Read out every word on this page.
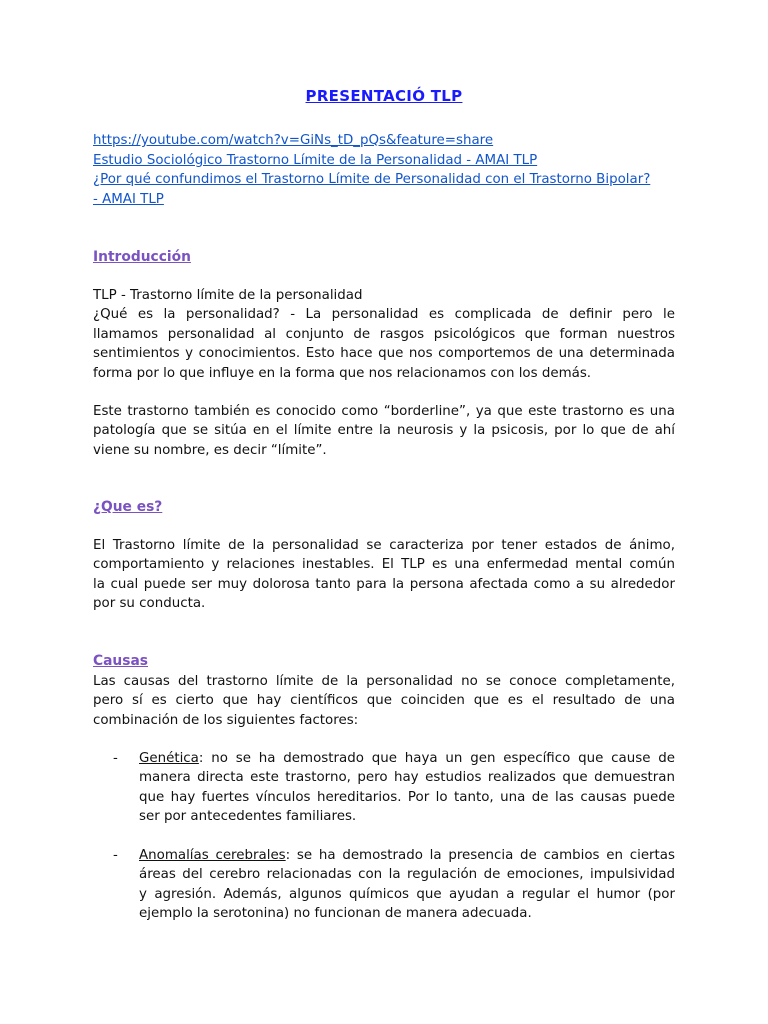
PRESENTACIÓ TLP
https://youtube.com/watch?v=GiNs_tD_pQs&feature=share
Estudio Sociológico Trastorno Límite de la Personalidad - AMAI TLP
¿Por qué confundimos el Trastorno Límite de Personalidad con el Trastorno Bipolar?
- AMAI TLP
Introducción
TLP - Trastorno límite de la personalidad
¿Qué es la personalidad? - La personalidad es complicada de definir pero le
llamamos personalidad al conjunto de rasgos psicológicos que forman nuestros
sentimientos y conocimientos. Esto hace que nos comportemos de una determinada
forma por lo que influye en la forma que nos relacionamos con los demás.
Este trastorno también es conocido como “borderline”, ya que este trastorno es una
patología que se sitúa en el límite entre la neurosis y la psicosis, por lo que de ahí
viene su nombre, es decir “límite”.
¿Que es?
El Trastorno límite de la personalidad se caracteriza por tener estados de ánimo,
comportamiento y relaciones inestables. El TLP es una enfermedad mental común
la cual puede ser muy dolorosa tanto para la persona afectada como a su alrededor
por su conducta.
Causas
Las causas del trastorno límite de la personalidad no se conoce completamente,
pero sí es cierto que hay científicos que coinciden que es el resultado de una
combinación de los siguientes factores:
- Genética: no se ha demostrado que haya un gen específico que cause de
manera directa este trastorno, pero hay estudios realizados que demuestran
que hay fuertes vínculos hereditarios. Por lo tanto, una de las causas puede
ser por antecedentes familiares.
- Anomalías cerebrales: se ha demostrado la presencia de cambios en ciertas
áreas del cerebro relacionadas con la regulación de emociones, impulsividad
y agresión. Además, algunos químicos que ayudan a regular el humor (por
ejemplo la serotonina) no funcionan de manera adecuada.
